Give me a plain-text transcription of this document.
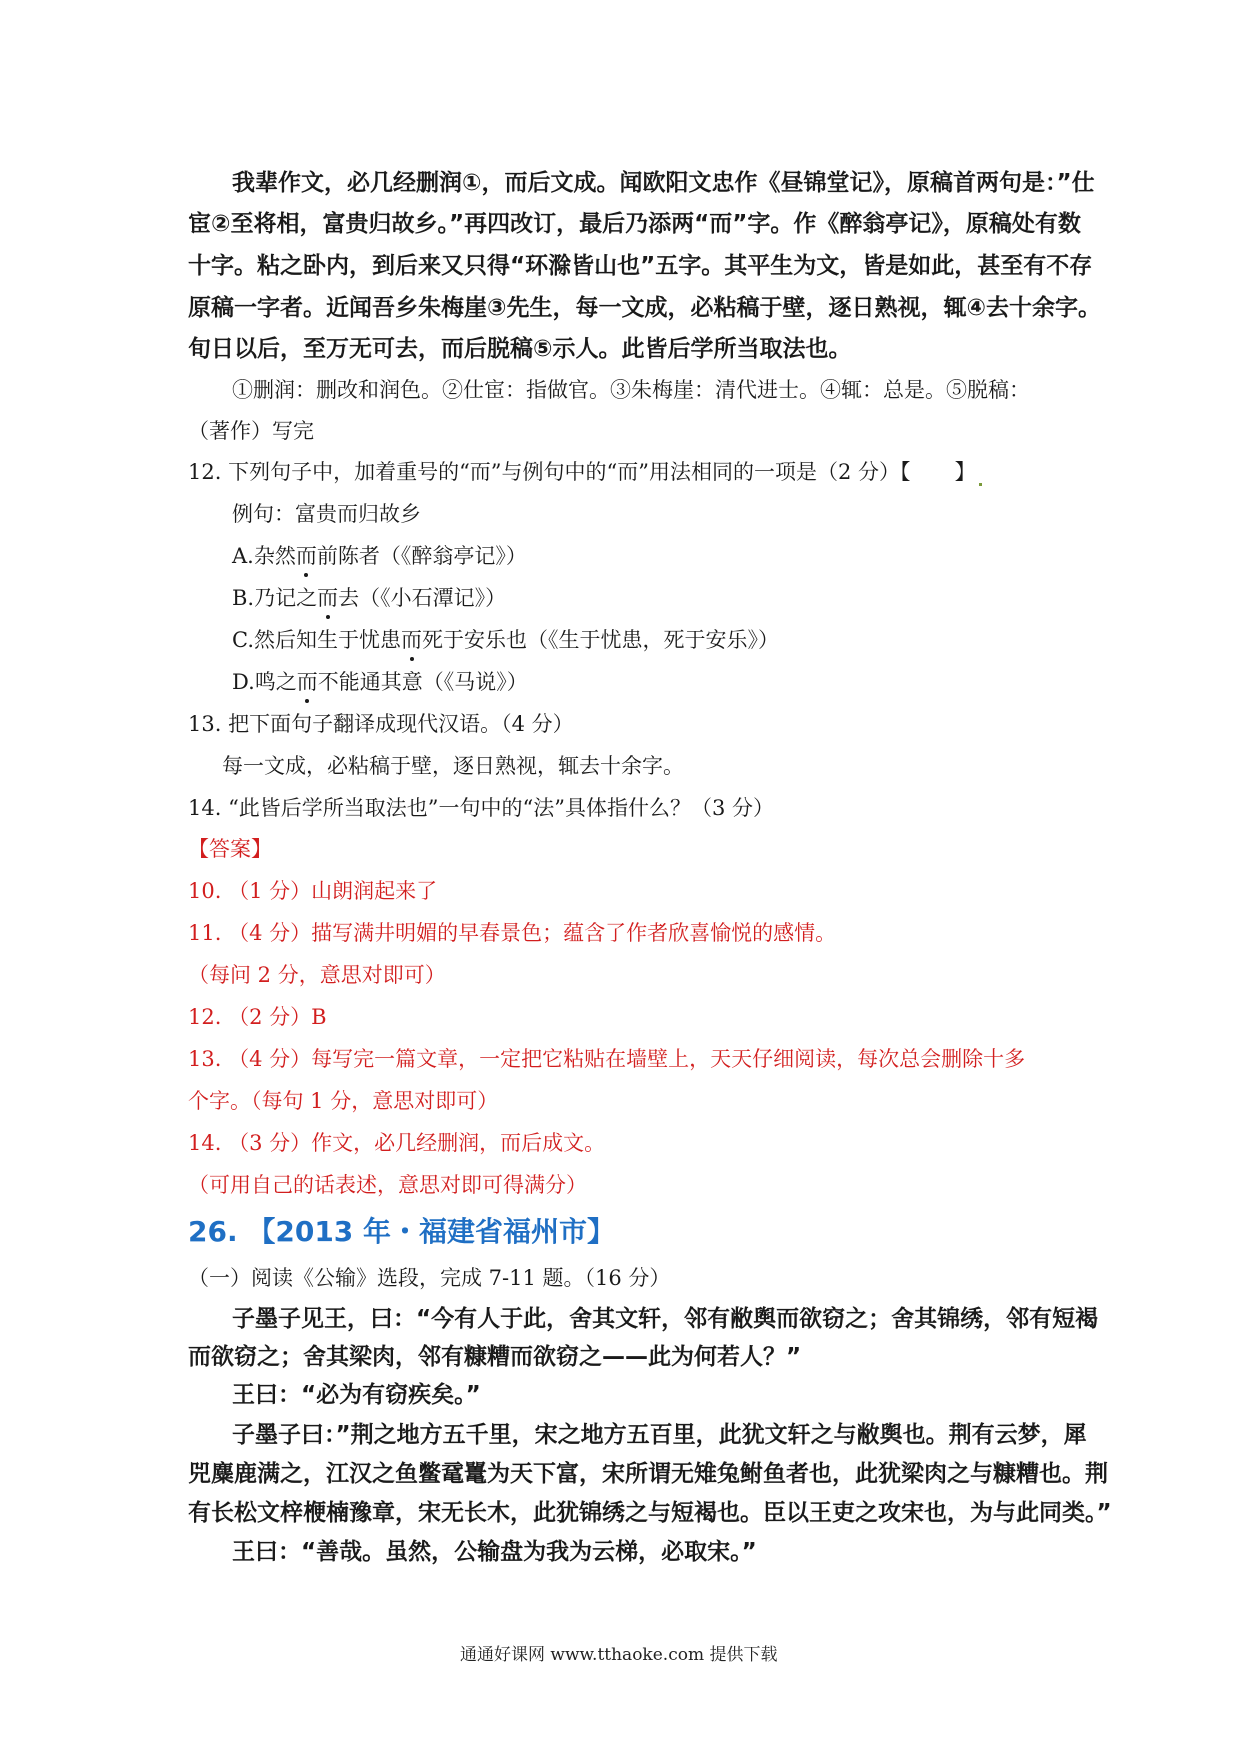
我辈作文，必几经删润①，而后文成。闻欧阳文忠作《昼锦堂记》，原稿首两句是：”仕
宦②至将相，富贵归故乡。”再四改订，最后乃添两“而”字。作《醉翁亭记》，原稿处有数
十字。粘之卧内，到后来又只得“环滁皆山也”五字。其平生为文，皆是如此，甚至有不存
原稿一字者。近闻吾乡朱梅崖③先生，每一文成，必粘稿于壁，逐日熟视，辄④去十余字。
旬日以后，至万无可去，而后脱稿⑤示人。此皆后学所当取法也。
①删润：删改和润色。②仕宦：指做官。③朱梅崖：清代进士。④辄：总是。⑤脱稿：
（著作）写完
12. 下列句子中，加着重号的“而”与例句中的“而”用法相同的一项是（2 分）【 】
例句：富贵而归故乡
A.杂然而前陈者（《醉翁亭记》）
B.乃记之而去（《小石潭记》）
C.然后知生于忧患而死于安乐也（《生于忧患，死于安乐》）
D.鸣之而不能通其意（《马说》）
13. 把下面句子翻译成现代汉语。（4 分）
每一文成，必粘稿于壁，逐日熟视，辄去十余字。
14. “此皆后学所当取法也”一句中的“法”具体指什么？（3 分）
【答案】
10. （1 分）山朗润起来了
11. （4 分）描写满井明媚的早春景色；蕴含了作者欣喜愉悦的感情。
（每问 2 分，意思对即可）
12. （2 分）B
13. （4 分）每写完一篇文章，一定把它粘贴在墙壁上，天天仔细阅读，每次总会删除十多
个字。（每句 1 分，意思对即可）
14. （3 分）作文，必几经删润，而后成文。
（可用自己的话表述，意思对即可得满分）
26. 【2013 年・福建省福州市】
（一）阅读《公输》选段，完成 7-11 题。（16 分）
子墨子见王，曰：“今有人于此，舍其文轩，邻有敝舆而欲窃之；舍其锦绣，邻有短褐
而欲窃之；舍其梁肉，邻有糠糟而欲窃之——此为何若人？”
王曰：“必为有窃疾矣。”
子墨子曰：”荆之地方五千里，宋之地方五百里，此犹文轩之与敝舆也。荆有云梦，犀
兕麋鹿满之，江汉之鱼鳖鼋鼍为天下富，宋所谓无雉兔鲋鱼者也，此犹梁肉之与糠糟也。荆
有长松文梓楩楠豫章，宋无长木，此犹锦绣之与短褐也。臣以王吏之攻宋也，为与此同类。”
王曰：“善哉。虽然，公输盘为我为云梯，必取宋。”
通通好课网 www.tthaoke.com 提供下载
